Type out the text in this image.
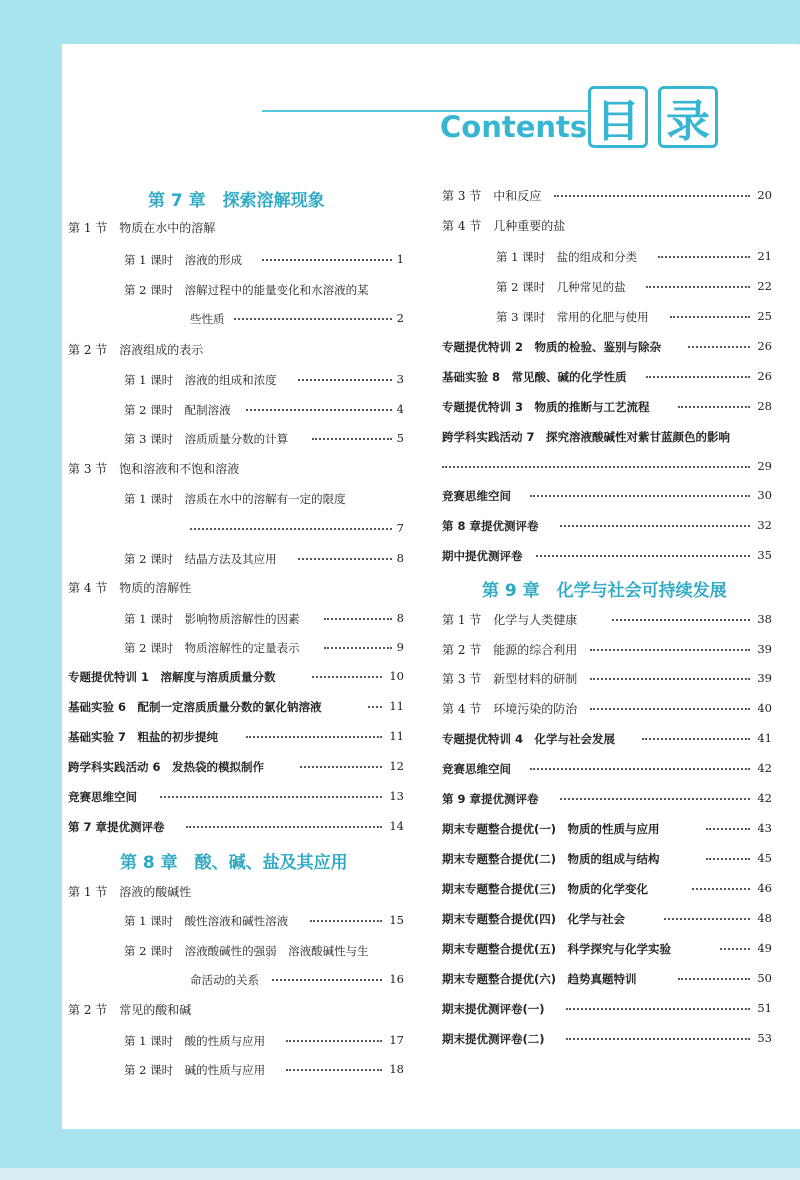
Contents 目 录
第 7 章　探索溶解现象
第 1 节　物质在水中的溶解
第 1 课时　溶液的形成	1
第 2 课时　溶解过程中的能量变化和水溶液的某
些性质	2
第 2 节　溶液组成的表示
第 1 课时　溶液的组成和浓度	3
第 2 课时　配制溶液	4
第 3 课时　溶质质量分数的计算	5
第 3 节　饱和溶液和不饱和溶液
第 1 课时　溶质在水中的溶解有一定的限度
7
第 2 课时　结晶方法及其应用	8
第 4 节　物质的溶解性
第 1 课时　影响物质溶解性的因素	8
第 2 课时　物质溶解性的定量表示	9
专题提优特训 1　溶解度与溶质质量分数	10
基础实验 6　配制一定溶质质量分数的氯化钠溶液	11
基础实验 7　粗盐的初步提纯	11
跨学科实践活动 6　发热袋的模拟制作	12
竞赛思维空间	13
第 7 章提优测评卷	14
第 8 章　酸、碱、盐及其应用
第 1 节　溶液的酸碱性
第 1 课时　酸性溶液和碱性溶液	15
第 2 课时　溶液酸碱性的强弱　溶液酸碱性与生
命活动的关系	16
第 2 节　常见的酸和碱
第 1 课时　酸的性质与应用	17
第 2 课时　碱的性质与应用	18
第 3 节　中和反应	20
第 4 节　几种重要的盐
第 1 课时　盐的组成和分类	21
第 2 课时　几种常见的盐	22
第 3 课时　常用的化肥与使用	25
专题提优特训 2　物质的检验、鉴别与除杂	26
基础实验 8　常见酸、碱的化学性质	26
专题提优特训 3　物质的推断与工艺流程	28
跨学科实践活动 7　探究溶液酸碱性对紫甘蓝颜色的影响
29
竞赛思维空间	30
第 8 章提优测评卷	32
期中提优测评卷	35
第 9 章　化学与社会可持续发展
第 1 节　化学与人类健康	38
第 2 节　能源的综合利用	39
第 3 节　新型材料的研制	39
第 4 节　环境污染的防治	40
专题提优特训 4　化学与社会发展	41
竞赛思维空间	42
第 9 章提优测评卷	42
期末专题整合提优(一)　物质的性质与应用	43
期末专题整合提优(二)　物质的组成与结构	45
期末专题整合提优(三)　物质的化学变化	46
期末专题整合提优(四)　化学与社会	48
期末专题整合提优(五)　科学探究与化学实验	49
期末专题整合提优(六)　趋势真题特训	50
期末提优测评卷(一)	51
期末提优测评卷(二)	53
